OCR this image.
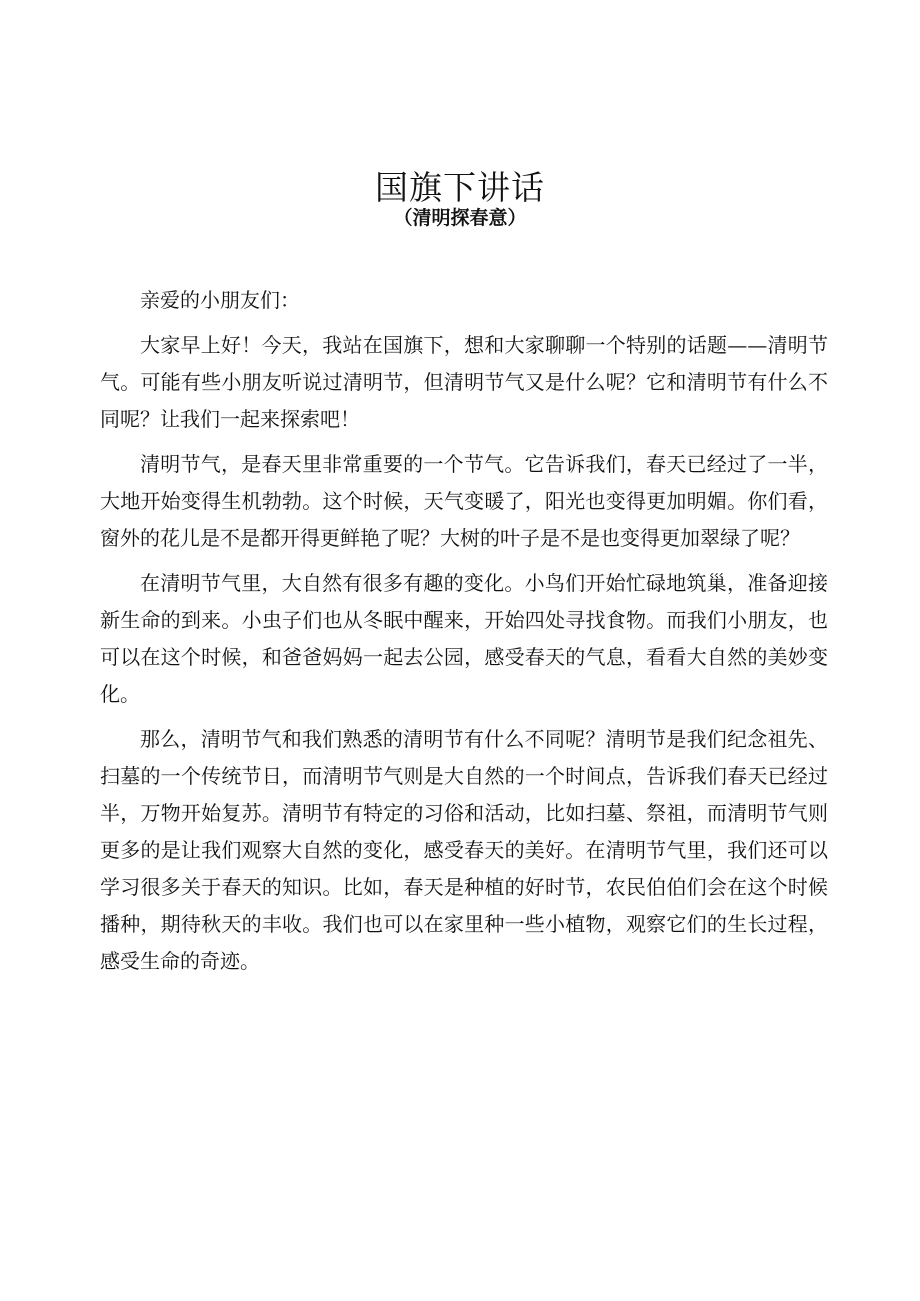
国旗下讲话
（清明探春意）

亲爱的小朋友们：

大家早上好！今天，我站在国旗下，想和大家聊聊一个特别的话题——清明节气。可能有些小朋友听说过清明节，但清明节气又是什么呢？它和清明节有什么不同呢？让我们一起来探索吧！

清明节气，是春天里非常重要的一个节气。它告诉我们，春天已经过了一半，大地开始变得生机勃勃。这个时候，天气变暖了，阳光也变得更加明媚。你们看，窗外的花儿是不是都开得更鲜艳了呢？大树的叶子是不是也变得更加翠绿了呢？

在清明节气里，大自然有很多有趣的变化。小鸟们开始忙碌地筑巢，准备迎接新生命的到来。小虫子们也从冬眠中醒来，开始四处寻找食物。而我们小朋友，也可以在这个时候，和爸爸妈妈一起去公园，感受春天的气息，看看大自然的美妙变化。

那么，清明节气和我们熟悉的清明节有什么不同呢？清明节是我们纪念祖先、扫墓的一个传统节日，而清明节气则是大自然的一个时间点，告诉我们春天已经过半，万物开始复苏。清明节有特定的习俗和活动，比如扫墓、祭祖，而清明节气则更多的是让我们观察大自然的变化，感受春天的美好。在清明节气里，我们还可以学习很多关于春天的知识。比如，春天是种植的好时节，农民伯伯们会在这个时候播种，期待秋天的丰收。我们也可以在家里种一些小植物，观察它们的生长过程，感受生命的奇迹。
